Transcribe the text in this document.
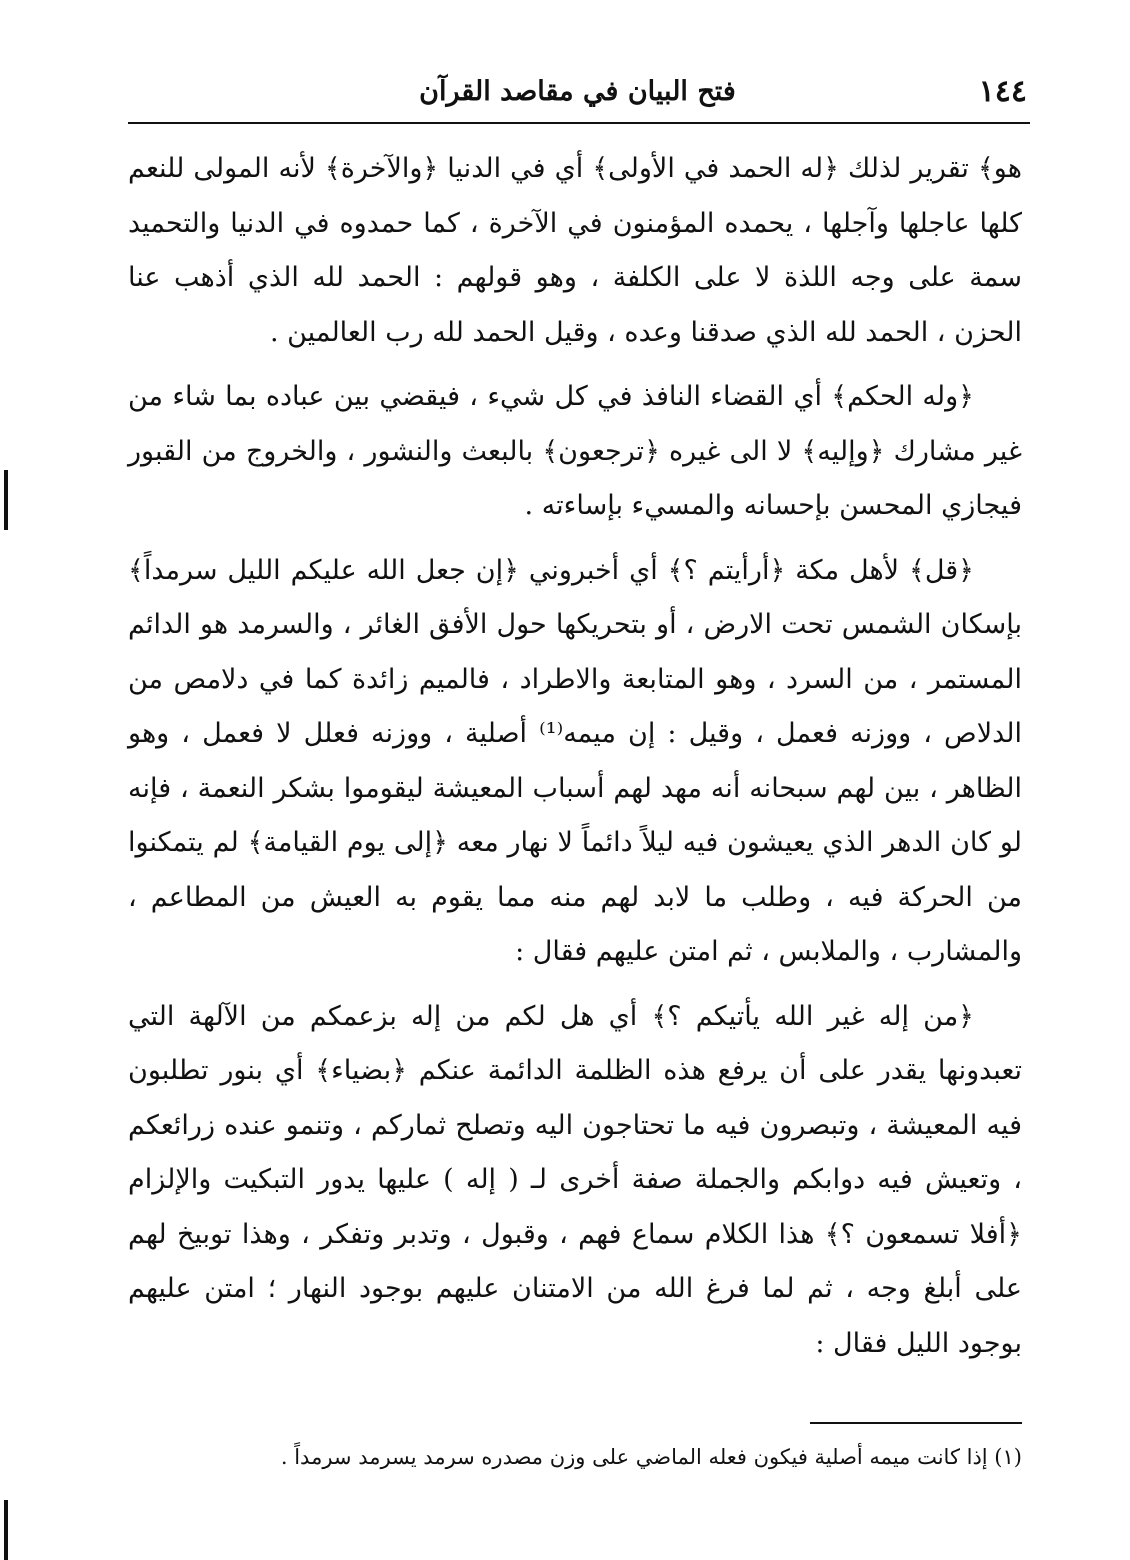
١٤٤
فتح البيان في مقاصد القرآن

هو﴾ تقرير لذلك ﴿له الحمد في الأولى﴾ أي في الدنيا ﴿والآخرة﴾ لأنه المولى للنعم كلها عاجلها وآجلها ، يحمده المؤمنون في الآخرة ، كما حمدوه في الدنيا والتحميد سمة على وجه اللذة لا على الكلفة ، وهو قولهم : الحمد لله الذي أذهب عنا الحزن ، الحمد لله الذي صدقنا وعده ، وقيل الحمد لله رب العالمين .

﴿وله الحكم﴾ أي القضاء النافذ في كل شيء ، فيقضي بين عباده بما شاء من غير مشارك ﴿وإليه﴾ لا الى غيره ﴿ترجعون﴾ بالبعث والنشور ، والخروج من القبور فيجازي المحسن بإحسانه والمسيء بإساءته .

﴿قل﴾ لأهل مكة ﴿أرأيتم ؟﴾ أي أخبروني ﴿إن جعل الله عليكم الليل سرمداً﴾ بإسكان الشمس تحت الارض ، أو بتحريكها حول الأفق الغائر ، والسرمد هو الدائم المستمر ، من السرد ، وهو المتابعة والاطراد ، فالميم زائدة كما في دلامص من الدلاص ، ووزنه فعمل ، وقيل : إن ميمه⁽¹⁾ أصلية ، ووزنه فعلل لا فعمل ، وهو الظاهر ، بين لهم سبحانه أنه مهد لهم أسباب المعيشة ليقوموا بشكر النعمة ، فإنه لو كان الدهر الذي يعيشون فيه ليلاً دائماً لا نهار معه ﴿إلى يوم القيامة﴾ لم يتمكنوا من الحركة فيه ، وطلب ما لابد لهم منه مما يقوم به العيش من المطاعم ، والمشارب ، والملابس ، ثم امتن عليهم فقال :

﴿من إله غير الله يأتيكم ؟﴾ أي هل لكم من إله بزعمكم من الآلهة التي تعبدونها يقدر على أن يرفع هذه الظلمة الدائمة عنكم ﴿بضياء﴾ أي بنور تطلبون فيه المعيشة ، وتبصرون فيه ما تحتاجون اليه وتصلح ثماركم ، وتنمو عنده زرائعكم ، وتعيش فيه دوابكم والجملة صفة أخرى لـ ( إله ) عليها يدور التبكيت والإلزام ﴿أفلا تسمعون ؟﴾ هذا الكلام سماع فهم ، وقبول ، وتدبر وتفكر ، وهذا توبيخ لهم على أبلغ وجه ، ثم لما فرغ الله من الامتنان عليهم بوجود النهار ؛ امتن عليهم بوجود الليل فقال :

(١) إذا كانت ميمه أصلية فيكون فعله الماضي على وزن مصدره سرمد يسرمد سرمداً .
